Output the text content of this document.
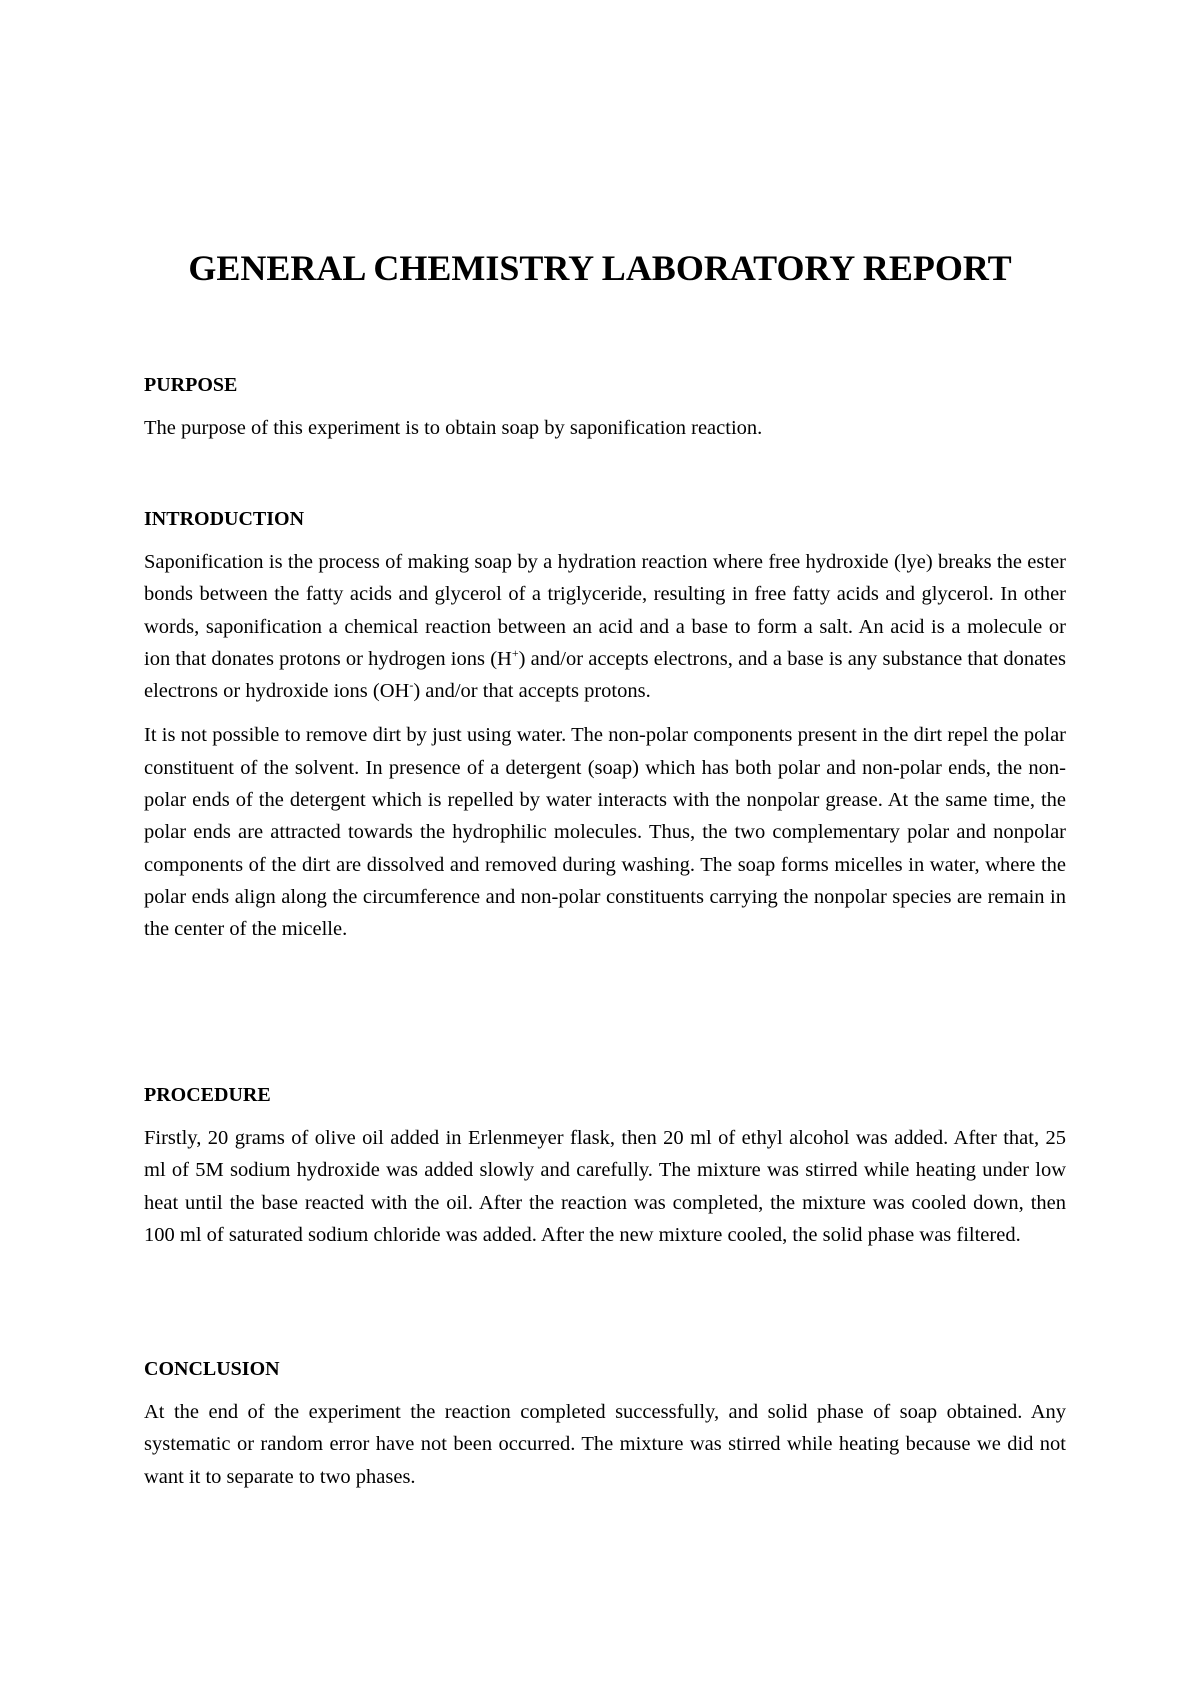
GENERAL CHEMISTRY LABORATORY REPORT

PURPOSE

The purpose of this experiment is to obtain soap by saponification reaction.

INTRODUCTION

Saponification is the process of making soap by a hydration reaction where free hydroxide (lye) breaks the ester bonds between the fatty acids and glycerol of a triglyceride, resulting in free fatty acids and glycerol. In other words, saponification a chemical reaction between an acid and a base to form a salt. An acid is a molecule or ion that donates protons or hydrogen ions (H+) and/or accepts electrons, and a base is any substance that donates electrons or hydroxide ions (OH-) and/or that accepts protons.

It is not possible to remove dirt by just using water. The non-polar components present in the dirt repel the polar constituent of the solvent. In presence of a detergent (soap) which has both polar and non-polar ends, the non-polar ends of the detergent which is repelled by water interacts with the nonpolar grease. At the same time, the polar ends are attracted towards the hydrophilic molecules. Thus, the two complementary polar and nonpolar components of the dirt are dissolved and removed during washing. The soap forms micelles in water, where the polar ends align along the circumference and non-polar constituents carrying the nonpolar species are remain in the center of the micelle.

PROCEDURE

Firstly, 20 grams of olive oil added in Erlenmeyer flask, then 20 ml of ethyl alcohol was added. After that, 25 ml of 5M sodium hydroxide was added slowly and carefully. The mixture was stirred while heating under low heat until the base reacted with the oil. After the reaction was completed, the mixture was cooled down, then 100 ml of saturated sodium chloride was added. After the new mixture cooled, the solid phase was filtered.

CONCLUSION

At the end of the experiment the reaction completed successfully, and solid phase of soap obtained. Any systematic or random error have not been occurred. The mixture was stirred while heating because we did not want it to separate to two phases.
